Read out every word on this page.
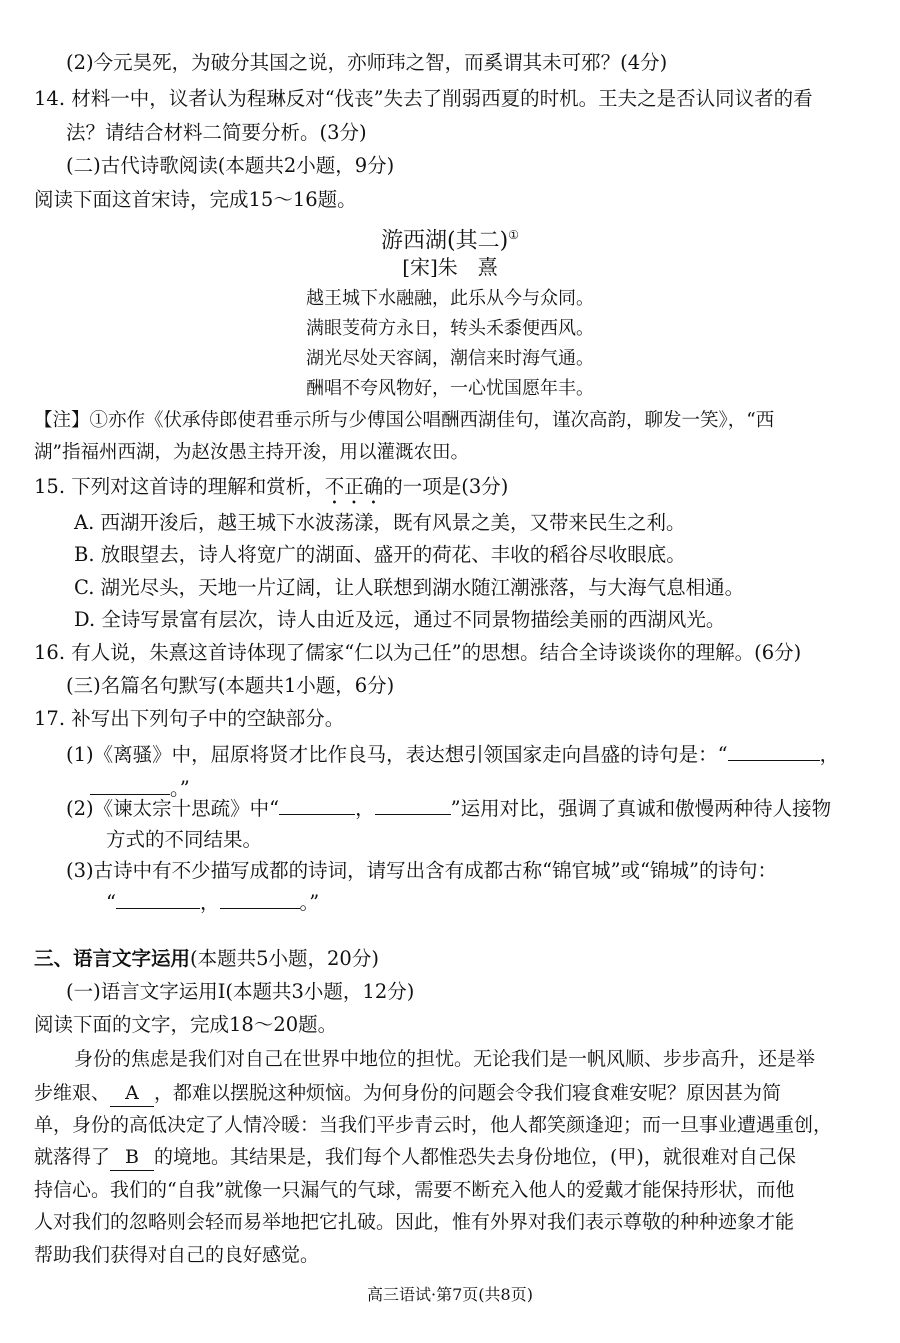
(2)今元昊死，为破分其国之说，亦师玮之智，而奚谓其未可邪？(4分)
14. 材料一中，议者认为程琳反对“伐丧”失去了削弱西夏的时机。王夫之是否认同议者的看
法？请结合材料二简要分析。(3分)
(二)古代诗歌阅读(本题共2小题，9分)
阅读下面这首宋诗，完成15～16题。
游西湖(其二)①
[宋]朱　熹
越王城下水融融，此乐从今与众同。
满眼芰荷方永日，转头禾黍便西风。
湖光尽处天容阔，潮信来时海气通。
酬唱不夸风物好，一心忧国愿年丰。
【注】①亦作《伏承侍郎使君垂示所与少傅国公唱酬西湖佳句，谨次高韵，聊发一笑》，“西
湖”指福州西湖，为赵汝愚主持开浚，用以灌溉农田。
15. 下列对这首诗的理解和赏析，不正确的一项是(3分)
A. 西湖开浚后，越王城下水波荡漾，既有风景之美，又带来民生之利。
B. 放眼望去，诗人将宽广的湖面、盛开的荷花、丰收的稻谷尽收眼底。
C. 湖光尽头，天地一片辽阔，让人联想到湖水随江潮涨落，与大海气息相通。
D. 全诗写景富有层次，诗人由近及远，通过不同景物描绘美丽的西湖风光。
16. 有人说，朱熹这首诗体现了儒家“仁以为己任”的思想。结合全诗谈谈你的理解。(6分)
(三)名篇名句默写(本题共1小题，6分)
17. 补写出下列句子中的空缺部分。
(1)《离骚》中，屈原将贤才比作良马，表达想引领国家走向昌盛的诗句是：“	，
。”
(2)《谏太宗十思疏》中“	，	”运用对比，强调了真诚和傲慢两种待人接物
方式的不同结果。
(3)古诗中有不少描写成都的诗词，请写出含有成都古称“锦官城”或“锦城”的诗句：
“	，	。”
三、语言文字运用(本题共5小题，20分)
(一)语言文字运用Ⅰ(本题共3小题，12分)
阅读下面的文字，完成18～20题。
身份的焦虑是我们对自己在世界中地位的担忧。无论我们是一帆风顺、步步高升，还是举
步维艰、 A ，都难以摆脱这种烦恼。为何身份的问题会令我们寝食难安呢？原因甚为简
单，身份的高低决定了人情冷暖：当我们平步青云时，他人都笑颜逢迎；而一旦事业遭遇重创，
就落得了 B 的境地。其结果是，我们每个人都惟恐失去身份地位，(甲)，就很难对自己保
持信心。我们的“自我”就像一只漏气的气球，需要不断充入他人的爱戴才能保持形状，而他
人对我们的忽略则会轻而易举地把它扎破。因此，惟有外界对我们表示尊敬的种种迹象才能
帮助我们获得对自己的良好感觉。
高三语试·第7页(共8页)
